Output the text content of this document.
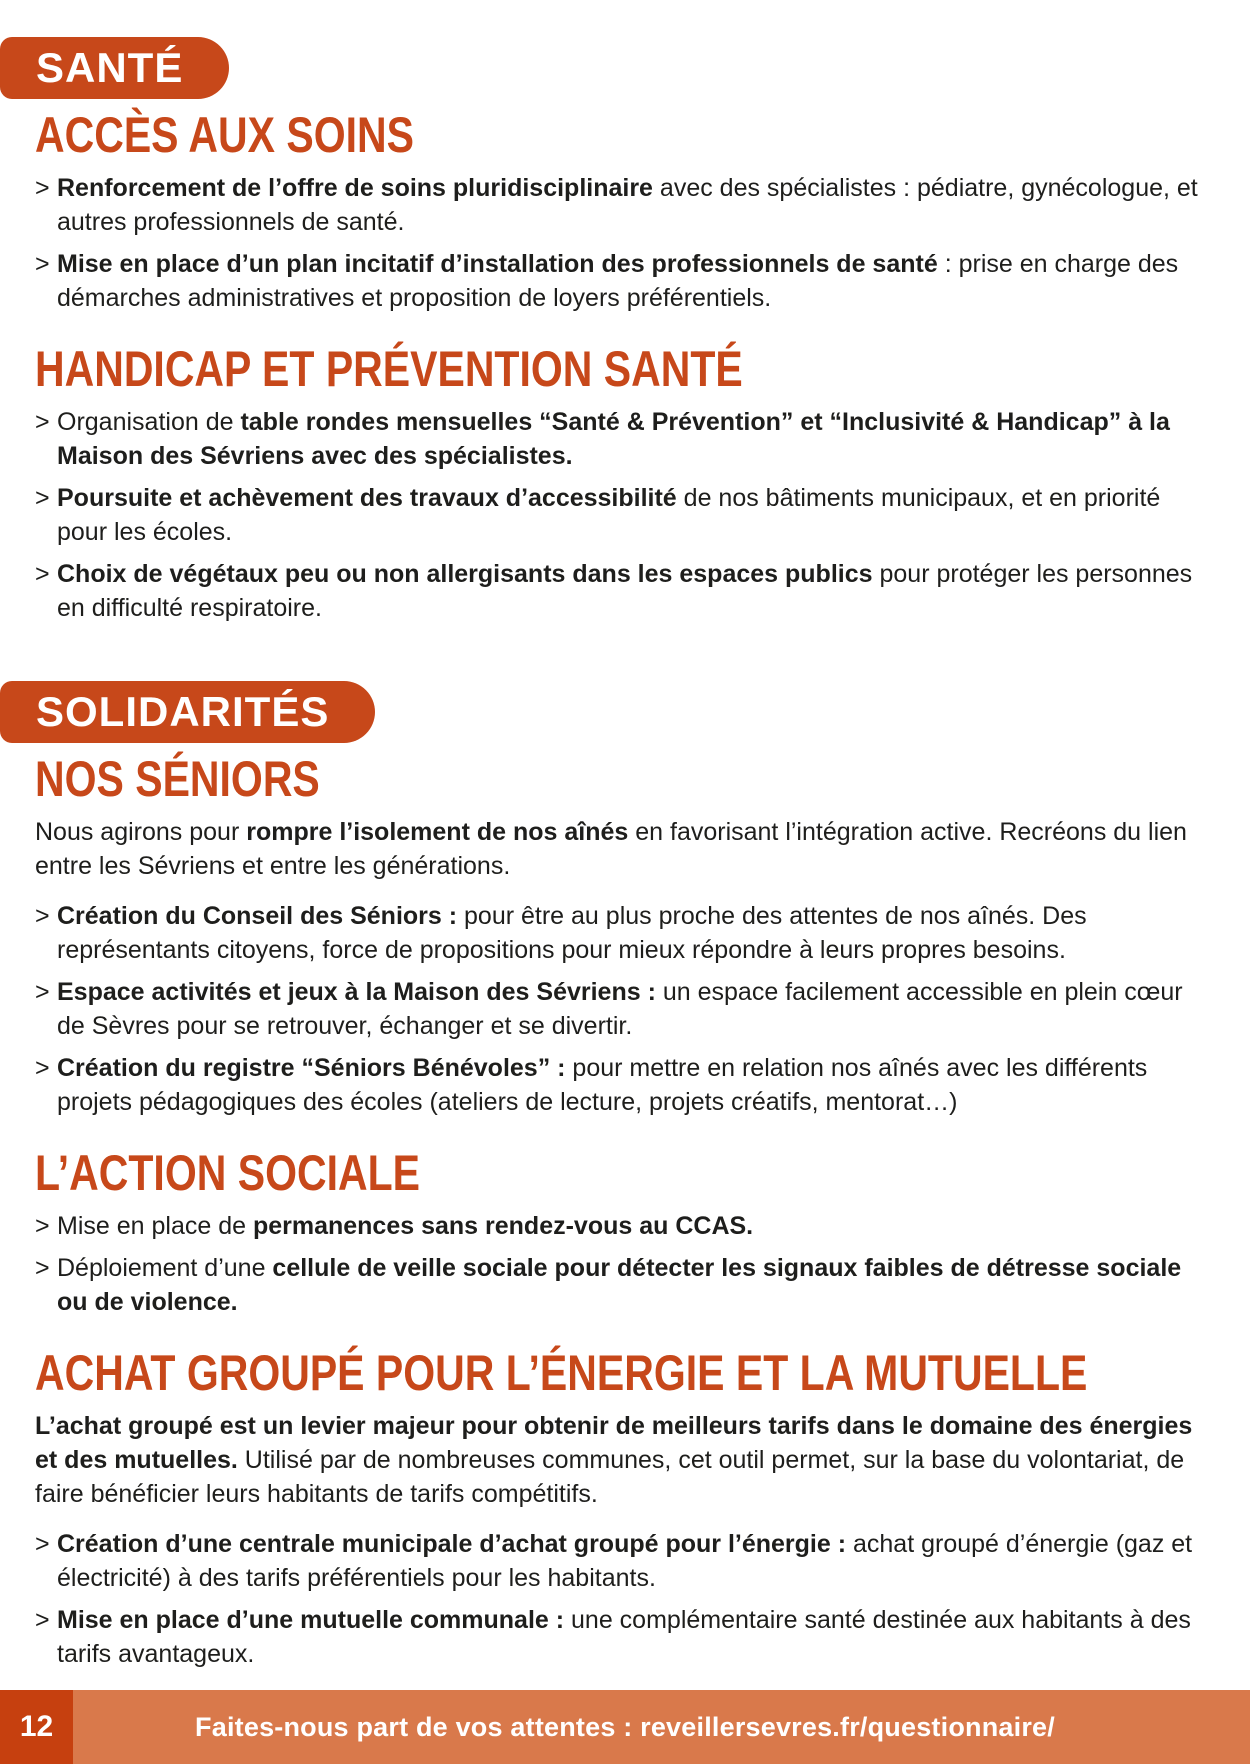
SANTÉ
ACCÈS AUX SOINS
> Renforcement de l’offre de soins pluridisciplinaire avec des spécialistes : pédiatre, gynécologue, et autres professionnels de santé.
> Mise en place d’un plan incitatif d’installation des professionnels de santé : prise en charge des démarches administratives et proposition de loyers préférentiels.
HANDICAP ET PRÉVENTION SANTÉ
> Organisation de table rondes mensuelles “Santé & Prévention” et “Inclusivité & Handicap” à la Maison des Sévriens avec des spécialistes.
> Poursuite et achèvement des travaux d’accessibilité de nos bâtiments municipaux, et en priorité pour les écoles.
> Choix de végétaux peu ou non allergisants dans les espaces publics pour protéger les personnes en difficulté respiratoire.
SOLIDARITÉS
NOS SÉNIORS

Nous agirons pour rompre l’isolement de nos aînés en favorisant l’intégration active. Recréons du lien entre les Sévriens et entre les générations.

> Création du Conseil des Séniors : pour être au plus proche des attentes de nos aînés. Des représentants citoyens, force de propositions pour mieux répondre à leurs propres besoins.
> Espace activités et jeux à la Maison des Sévriens : un espace facilement accessible en plein cœur de Sèvres pour se retrouver, échanger et se divertir.
> Création du registre “Séniors Bénévoles” : pour mettre en relation nos aînés avec les différents projets pédagogiques des écoles (ateliers de lecture, projets créatifs, mentorat…)
L’ACTION SOCIALE
> Mise en place de permanences sans rendez-vous au CCAS.
> Déploiement d’une cellule de veille sociale pour détecter les signaux faibles de détresse sociale ou de violence.
ACHAT GROUPÉ POUR L’ÉNERGIE ET LA MUTUELLE

L’achat groupé est un levier majeur pour obtenir de meilleurs tarifs dans le domaine des énergies et des mutuelles. Utilisé par de nombreuses communes, cet outil permet, sur la base du volontariat, de faire bénéficier leurs habitants de tarifs compétitifs.

> Création d’une centrale municipale d’achat groupé pour l’énergie : achat groupé d’énergie (gaz et électricité) à des tarifs préférentiels pour les habitants.
> Mise en place d’une mutuelle communale : une complémentaire santé destinée aux habitants à des tarifs avantageux.
12	Faites-nous part de vos attentes : reveillersevres.fr/questionnaire/
